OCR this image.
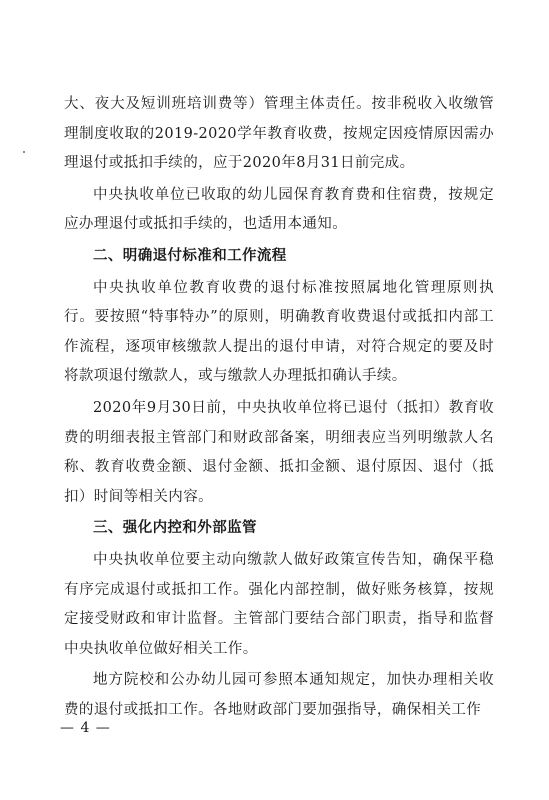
大、夜大及短训班培训费等）管理主体责任。按非税收入收缴管理制度收取的2019-2020学年教育收费，按规定因疫情原因需办理退付或抵扣手续的，应于2020年8月31日前完成。

中央执收单位已收取的幼儿园保育教育费和住宿费，按规定应办理退付或抵扣手续的，也适用本通知。

二、明确退付标准和工作流程

中央执收单位教育收费的退付标准按照属地化管理原则执行。要按照“特事特办”的原则，明确教育收费退付或抵扣内部工作流程，逐项审核缴款人提出的退付申请，对符合规定的要及时将款项退付缴款人，或与缴款人办理抵扣确认手续。

2020年9月30日前，中央执收单位将已退付（抵扣）教育收费的明细表报主管部门和财政部备案，明细表应当列明缴款人名称、教育收费金额、退付金额、抵扣金额、退付原因、退付（抵扣）时间等相关内容。

三、强化内控和外部监管

中央执收单位要主动向缴款人做好政策宣传告知，确保平稳有序完成退付或抵扣工作。强化内部控制，做好账务核算，按规定接受财政和审计监督。主管部门要结合部门职责，指导和监督中央执收单位做好相关工作。

地方院校和公办幼儿园可参照本通知规定，加快办理相关收费的退付或抵扣工作。各地财政部门要加强指导，确保相关工作

— 4 —
